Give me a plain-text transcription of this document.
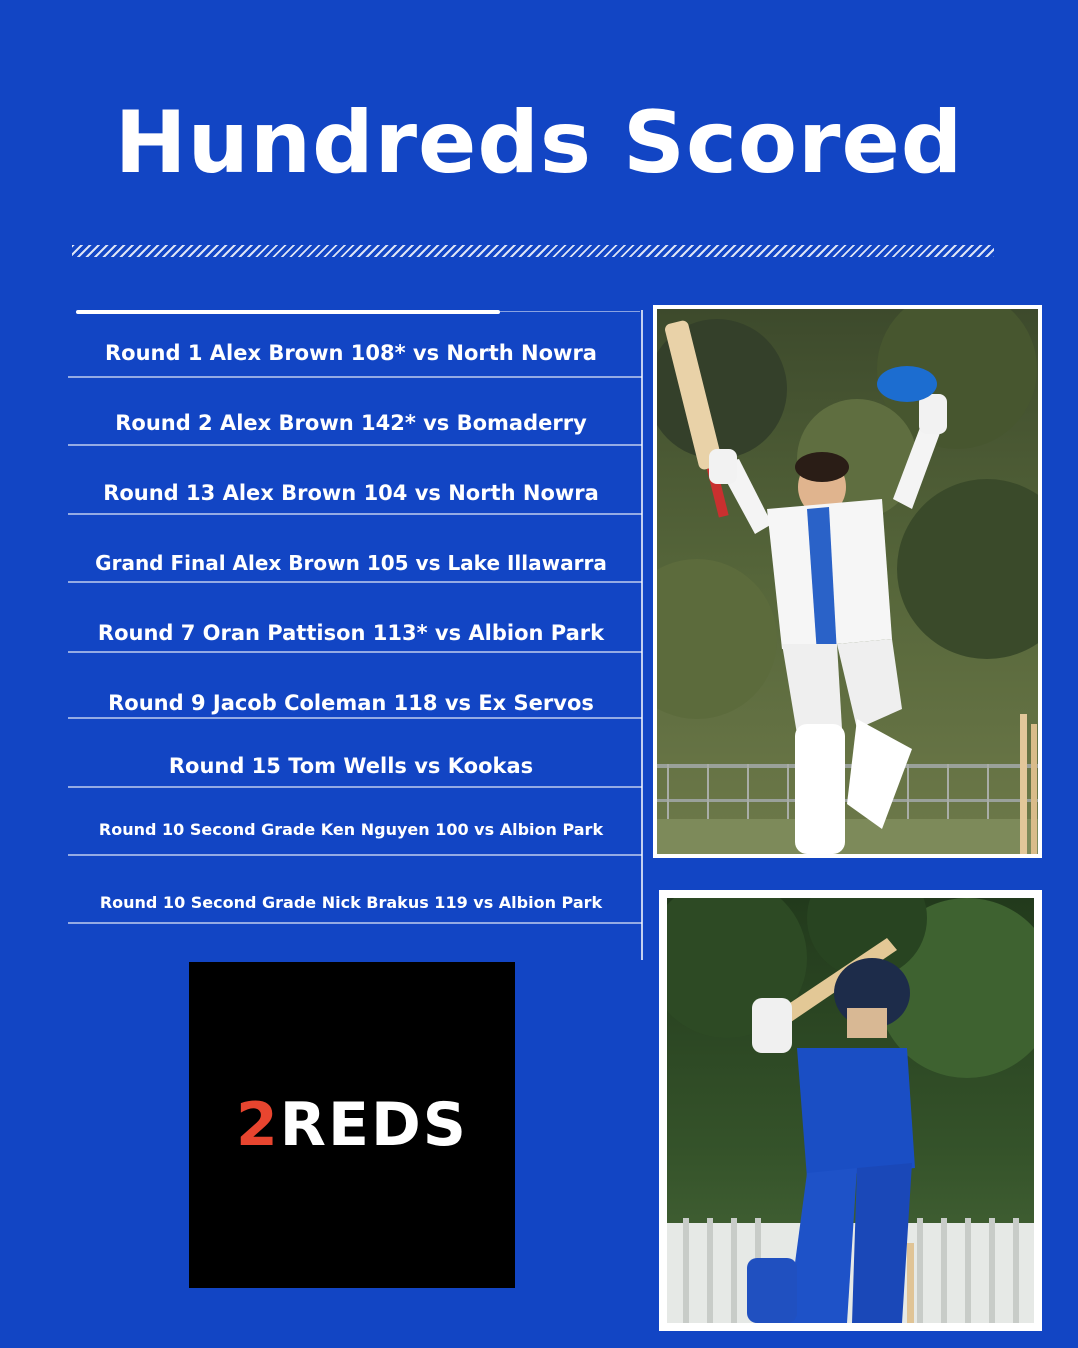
Hundreds Scored
Round 1 Alex Brown 108* vs North Nowra
Round 2 Alex Brown 142* vs Bomaderry
Round 13 Alex Brown 104 vs North Nowra
Grand Final Alex Brown 105 vs Lake Illawarra
Round 7 Oran Pattison 113* vs Albion Park
Round 9 Jacob Coleman 118 vs Ex Servos
Round 15 Tom Wells vs Kookas
Round 10 Second Grade Ken Nguyen 100 vs Albion Park
Round 10 Second Grade Nick Brakus 119 vs Albion Park
2REDS
